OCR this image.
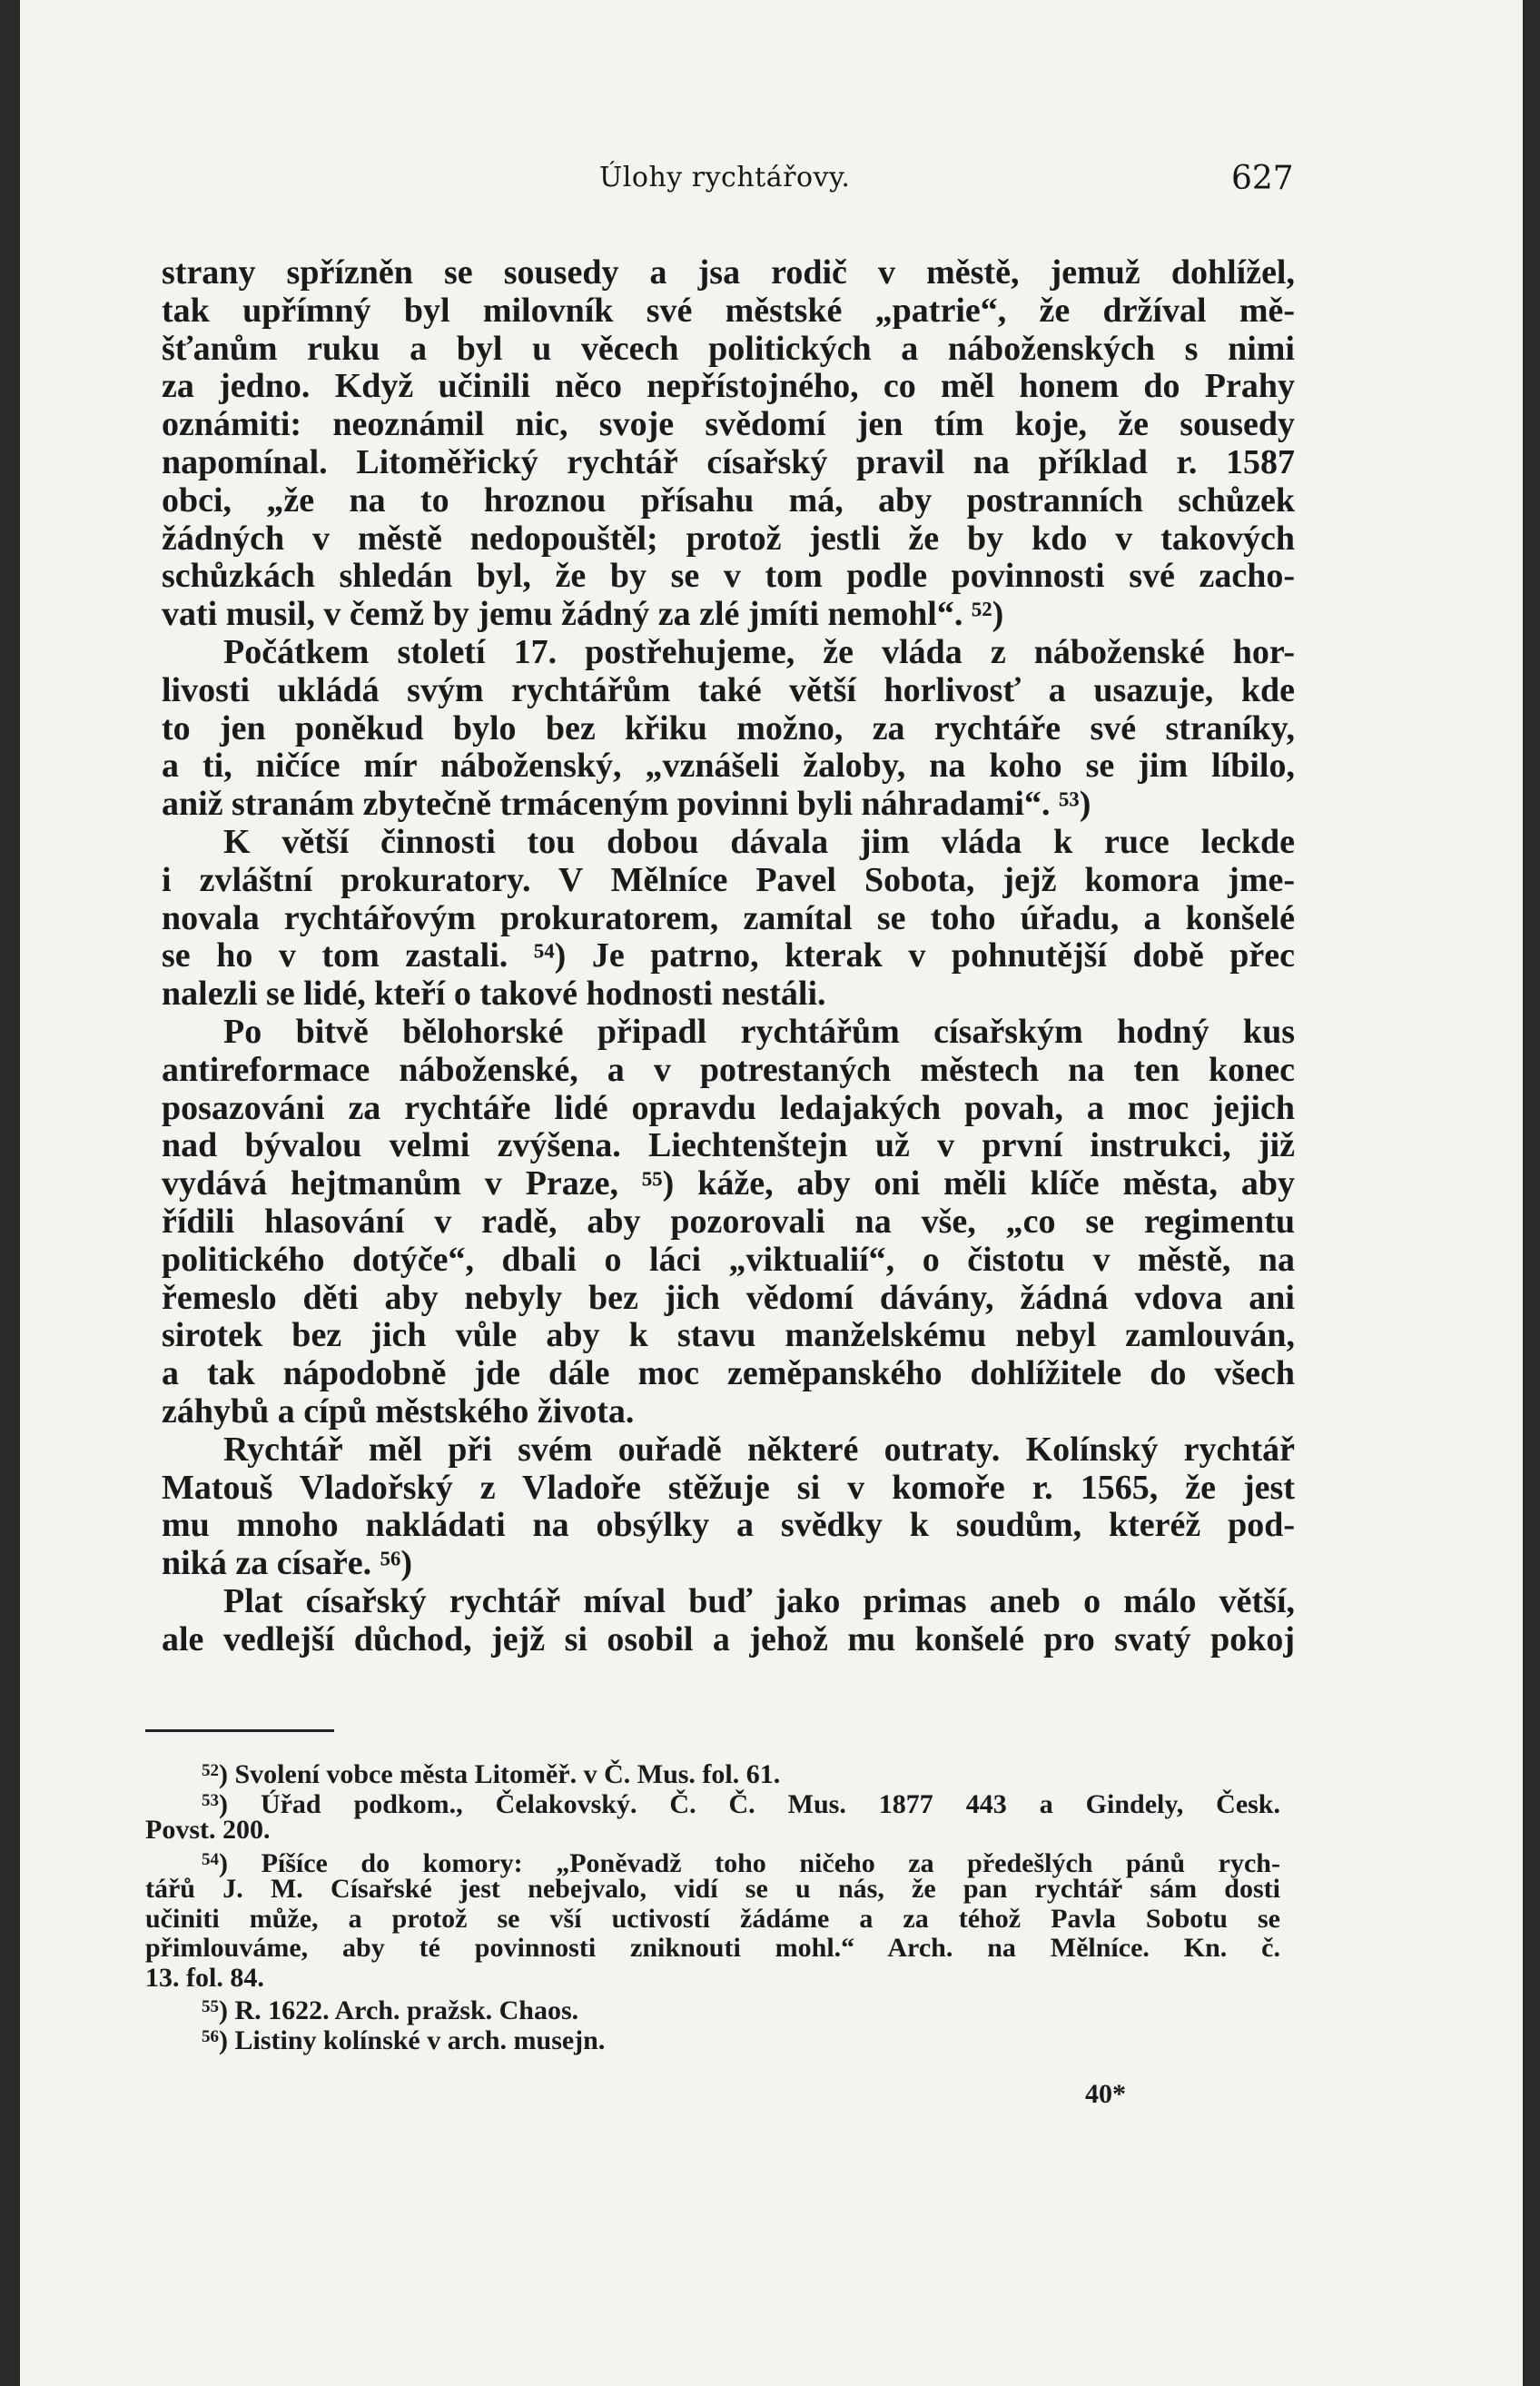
Úlohy rychtářovy.	627
strany spřízněn se sousedy a jsa rodič v městě, jemuž dohlížel,
tak upřímný byl milovník své městské „patrie“, že držíval mě-
šťanům ruku a byl u věcech politických a náboženských s nimi
za jedno. Když učinili něco nepřístojného, co měl honem do Prahy
oznámiti: neoznámil nic, svoje svědomí jen tím koje, že sousedy
napomínal. Litoměřický rychtář císařský pravil na příklad r. 1587
obci, „že na to hroznou přísahu má, aby postranních schůzek
žádných v městě nedopouštěl; protož jestli že by kdo v takových
schůzkách shledán byl, že by se v tom podle povinnosti své zacho-
vati musil, v čemž by jemu žádný za zlé jmíti nemohl“. ⁵²)
Počátkem století 17. postřehujeme, že vláda z náboženské hor-
livosti ukládá svým rychtářům také větší horlivosť a usazuje, kde
to jen poněkud bylo bez křiku možno, za rychtáře své straníky,
a ti, ničíce mír náboženský, „vznášeli žaloby, na koho se jim líbilo,
aniž stranám zbytečně trmáceným povinni byli náhradami“. ⁵³)
K větší činnosti tou dobou dávala jim vláda k ruce leckde
i zvláštní prokuratory. V Mělníce Pavel Sobota, jejž komora jme-
novala rychtářovým prokuratorem, zamítal se toho úřadu, a konšelé
se ho v tom zastali. ⁵⁴) Je patrno, kterak v pohnutější době přec
nalezli se lidé, kteří o takové hodnosti nestáli.
Po bitvě bělohorské připadl rychtářům císařským hodný kus
antireformace náboženské, a v potrestaných městech na ten konec
posazováni za rychtáře lidé opravdu ledajakých povah, a moc jejich
nad bývalou velmi zvýšena. Liechtenštejn už v první instrukci, již
vydává hejtmanům v Praze, ⁵⁵) káže, aby oni měli klíče města, aby
řídili hlasování v radě, aby pozorovali na vše, „co se regimentu
politického dotýče“, dbali o láci „viktualií“, o čistotu v městě, na
řemeslo děti aby nebyly bez jich vědomí dávány, žádná vdova ani
sirotek bez jich vůle aby k stavu manželskému nebyl zamlouván,
a tak nápodobně jde dále moc zeměpanského dohlížitele do všech
záhybů a cípů městského života.
Rychtář měl při svém ouřadě některé outraty. Kolínský rychtář
Matouš Vladořský z Vladoře stěžuje si v komoře r. 1565, že jest
mu mnoho nakládati na obsýlky a svědky k soudům, kteréž pod-
niká za císaře. ⁵⁶)
Plat císařský rychtář míval buď jako primas aneb o málo větší,
ale vedlejší důchod, jejž si osobil a jehož mu konšelé pro svatý pokoj
$^{52}$) Svolení vobce města Litoměř. v Č. Mus. fol. 61.
$^{53}$) Úřad podkom., Čelakovský. Č. Č. Mus. 1877 443 a Gindely, Česk.
Povst. 200.
$^{54}$) Píšíce do komory: „Poněvadž toho ničeho za předešlých pánů rych-
tářů J. M. Císařské jest nebejvalo, vidí se u nás, že pan rychtář sám dosti
učiniti může, a protož se vší uctivostí žádáme a za téhož Pavla Sobotu se
přimlouváme, aby té povinnosti zniknouti mohl.“ Arch. na Mělníce. Kn. č.
13. fol. 84.
$^{55}$) R. 1622. Arch. pražsk. Chaos.
$^{56}$) Listiny kolínské v arch. musejn.
40*
